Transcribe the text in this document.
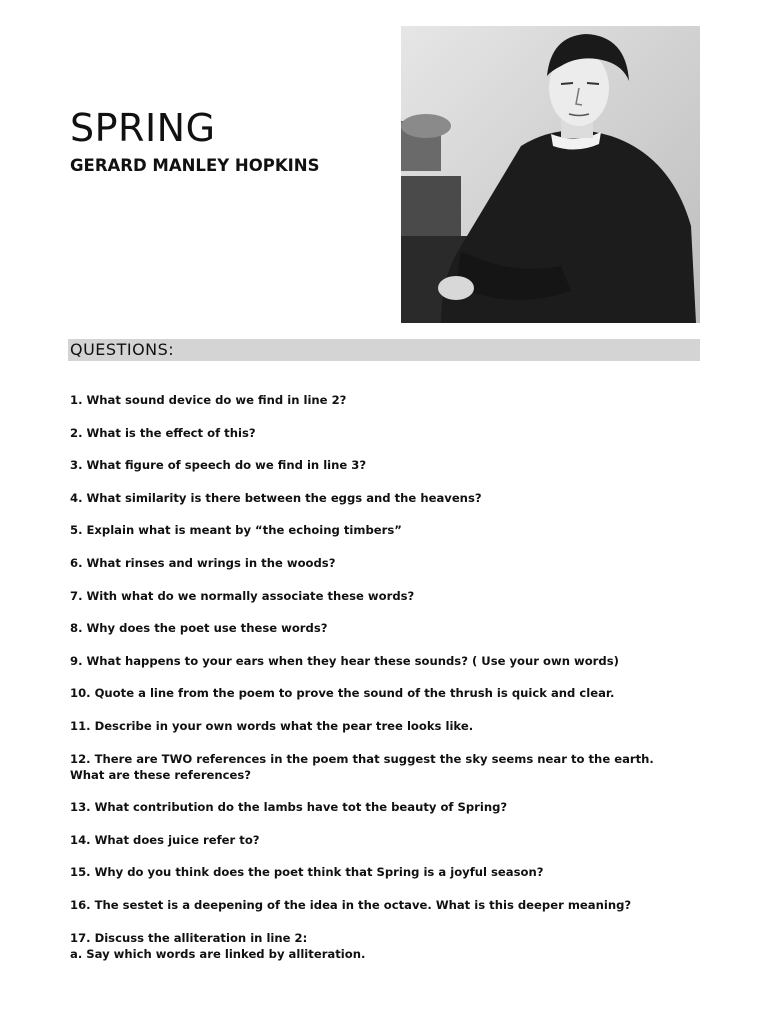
SPRING
GERARD MANLEY HOPKINS
QUESTIONS:
1. What sound device do we find in line 2?
2. What is the effect of this?
3. What figure of speech do we find in line 3?
4. What similarity is there between the eggs and the heavens?
5. Explain what is meant by “the echoing timbers”
6. What rinses and wrings in the woods?
7. With what do we normally associate these words?
8. Why does the poet use these words?
9. What happens to your ears when they hear these sounds? ( Use your own words)
10. Quote a line from the poem to prove the sound of the thrush is quick and clear.
11. Describe in your own words what the pear tree looks like.
12. There are TWO references in the poem that suggest the sky seems near to the earth. What are these references?
13. What contribution do the lambs have tot the beauty of Spring?
14. What does juice refer to?
15. Why do you think does the poet think that Spring is a joyful season?
16. The sestet is a deepening of the idea in the octave. What is this deeper meaning?
17. Discuss the alliteration in line 2:
a. Say which words are linked by alliteration.
